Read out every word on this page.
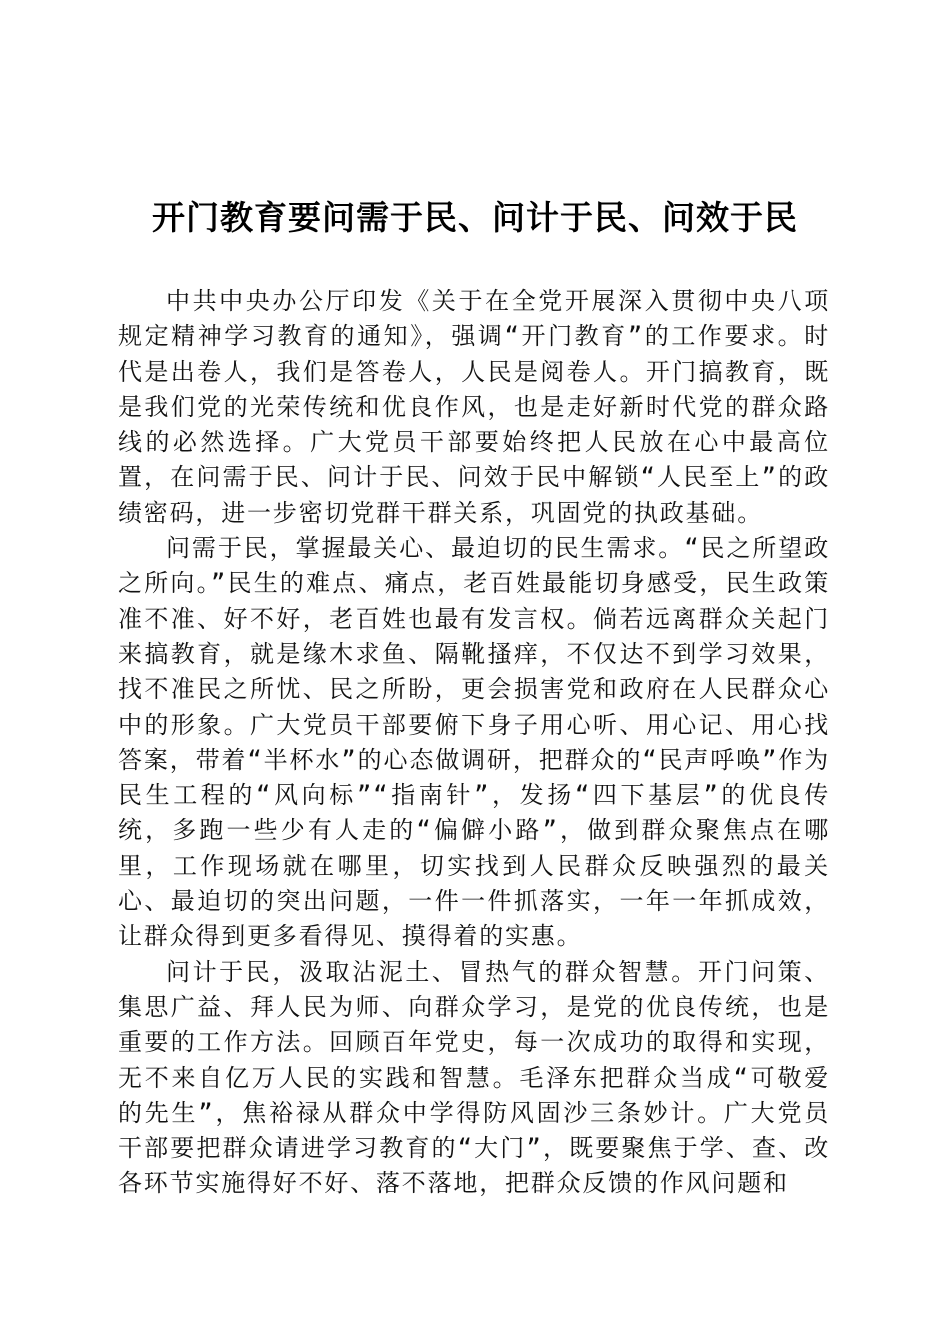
开门教育要问需于民、问计于民、问效于民

中共中央办公厅印发《关于在全党开展深入贯彻中央八项规定精神学习教育的通知》，强调“开门教育”的工作要求。时代是出卷人，我们是答卷人，人民是阅卷人。开门搞教育，既是我们党的光荣传统和优良作风，也是走好新时代党的群众路线的必然选择。广大党员干部要始终把人民放在心中最高位置，在问需于民、问计于民、问效于民中解锁“人民至上”的政绩密码，进一步密切党群干群关系，巩固党的执政基础。

问需于民，掌握最关心、最迫切的民生需求。“民之所望政之所向。”民生的难点、痛点，老百姓最能切身感受，民生政策准不准、好不好，老百姓也最有发言权。倘若远离群众关起门来搞教育，就是缘木求鱼、隔靴搔痒，不仅达不到学习效果，找不准民之所忧、民之所盼，更会损害党和政府在人民群众心中的形象。广大党员干部要俯下身子用心听、用心记、用心找答案，带着“半杯水”的心态做调研，把群众的“民声呼唤”作为民生工程的“风向标”“指南针”，发扬“四下基层”的优良传统，多跑一些少有人走的“偏僻小路”，做到群众聚焦点在哪里，工作现场就在哪里，切实找到人民群众反映强烈的最关心、最迫切的突出问题，一件一件抓落实，一年一年抓成效，让群众得到更多看得见、摸得着的实惠。

问计于民，汲取沾泥土、冒热气的群众智慧。开门问策、集思广益、拜人民为师、向群众学习，是党的优良传统，也是重要的工作方法。回顾百年党史，每一次成功的取得和实现，无不来自亿万人民的实践和智慧。毛泽东把群众当成“可敬爱的先生”，焦裕禄从群众中学得防风固沙三条妙计。广大党员干部要把群众请进学习教育的“大门”，既要聚焦于学、查、改各环节实施得好不好、落不落地，把群众反馈的作风问题和
